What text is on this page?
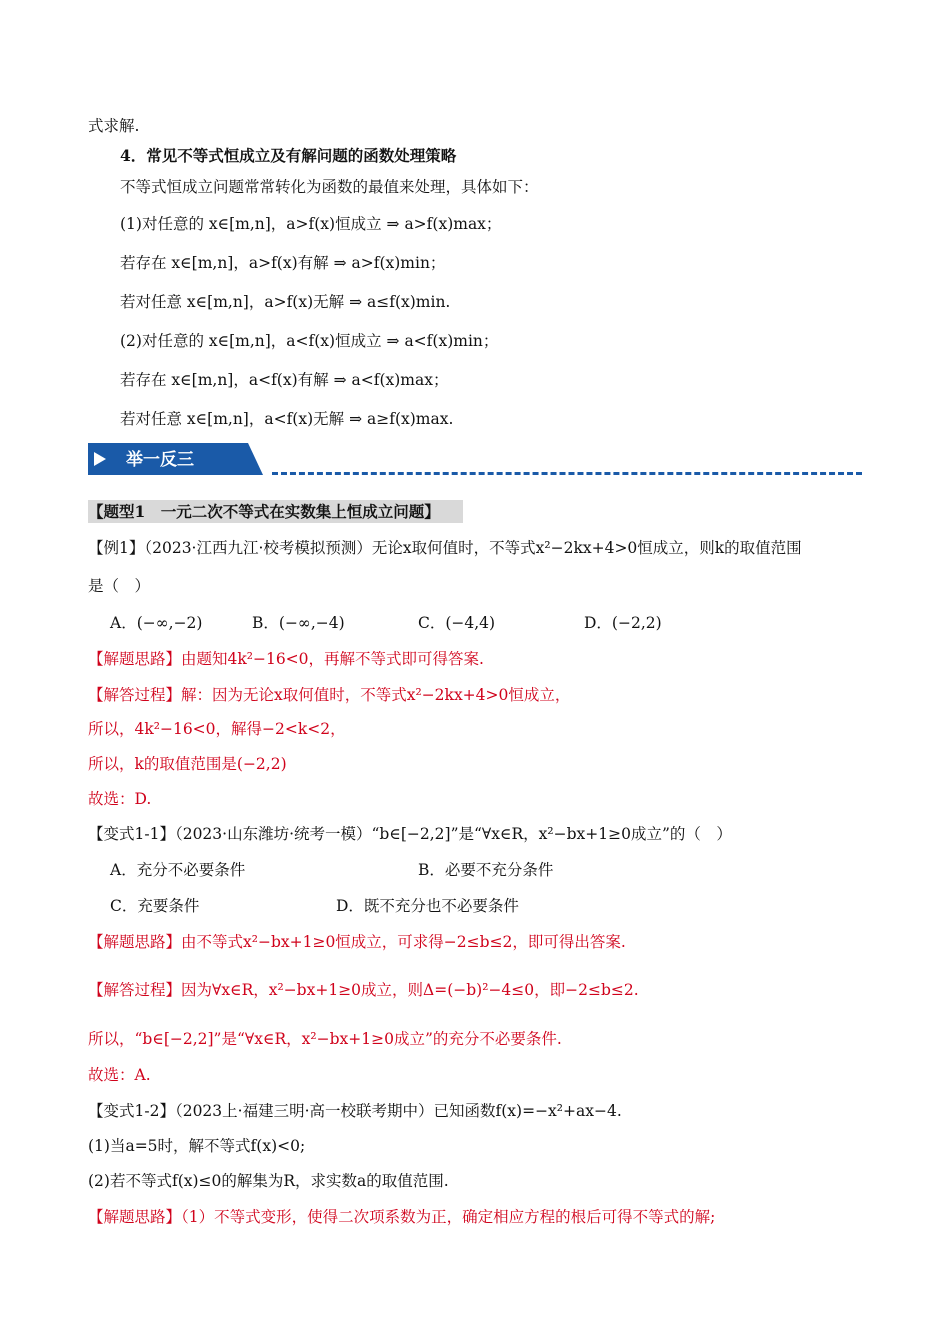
式求解.
4．常见不等式恒成立及有解问题的函数处理策略
不等式恒成立问题常常转化为函数的最值来处理，具体如下：
(1)对任意的 x∈[m,n]，a>f(x)恒成立 ⇒ a>f(x)max；
若存在 x∈[m,n]，a>f(x)有解 ⇒ a>f(x)min；
若对任意 x∈[m,n]，a>f(x)无解 ⇒ a≤f(x)min.
(2)对任意的 x∈[m,n]，a<f(x)恒成立 ⇒ a<f(x)min；
若存在 x∈[m,n]，a<f(x)有解 ⇒ a<f(x)max；
若对任意 x∈[m,n]，a<f(x)无解 ⇒ a≥f(x)max.
举一反三
【题型1　一元二次不等式在实数集上恒成立问题】
【例1】（2023·江西九江·校考模拟预测）无论x取何值时，不等式x²−2kx+4>0恒成立，则k的取值范围
是（　）
A．(−∞,−2)	B．(−∞,−4)	C．(−4,4)	D．(−2,2)
【解题思路】由题知4k²−16<0，再解不等式即可得答案.
【解答过程】解：因为无论x取何值时，不等式x²−2kx+4>0恒成立，
所以，4k²−16<0，解得−2<k<2，
所以，k的取值范围是(−2,2)
故选：D.
【变式1-1】（2023·山东潍坊·统考一模）“b∈[−2,2]”是“∀x∈R，x²−bx+1≥0成立”的（　）
A．充分不必要条件	B．必要不充分条件
C．充要条件	D．既不充分也不必要条件
【解题思路】由不等式x²−bx+1≥0恒成立，可求得−2≤b≤2，即可得出答案.
【解答过程】因为∀x∈R，x²−bx+1≥0成立，则Δ=(−b)²−4≤0，即−2≤b≤2.
所以，“b∈[−2,2]”是“∀x∈R，x²−bx+1≥0成立”的充分不必要条件.
故选：A.
【变式1-2】（2023上·福建三明·高一校联考期中）已知函数f(x)=−x²+ax−4.
(1)当a=5时，解不等式f(x)<0;
(2)若不等式f(x)≤0的解集为R，求实数a的取值范围.
【解题思路】（1）不等式变形，使得二次项系数为正，确定相应方程的根后可得不等式的解;
